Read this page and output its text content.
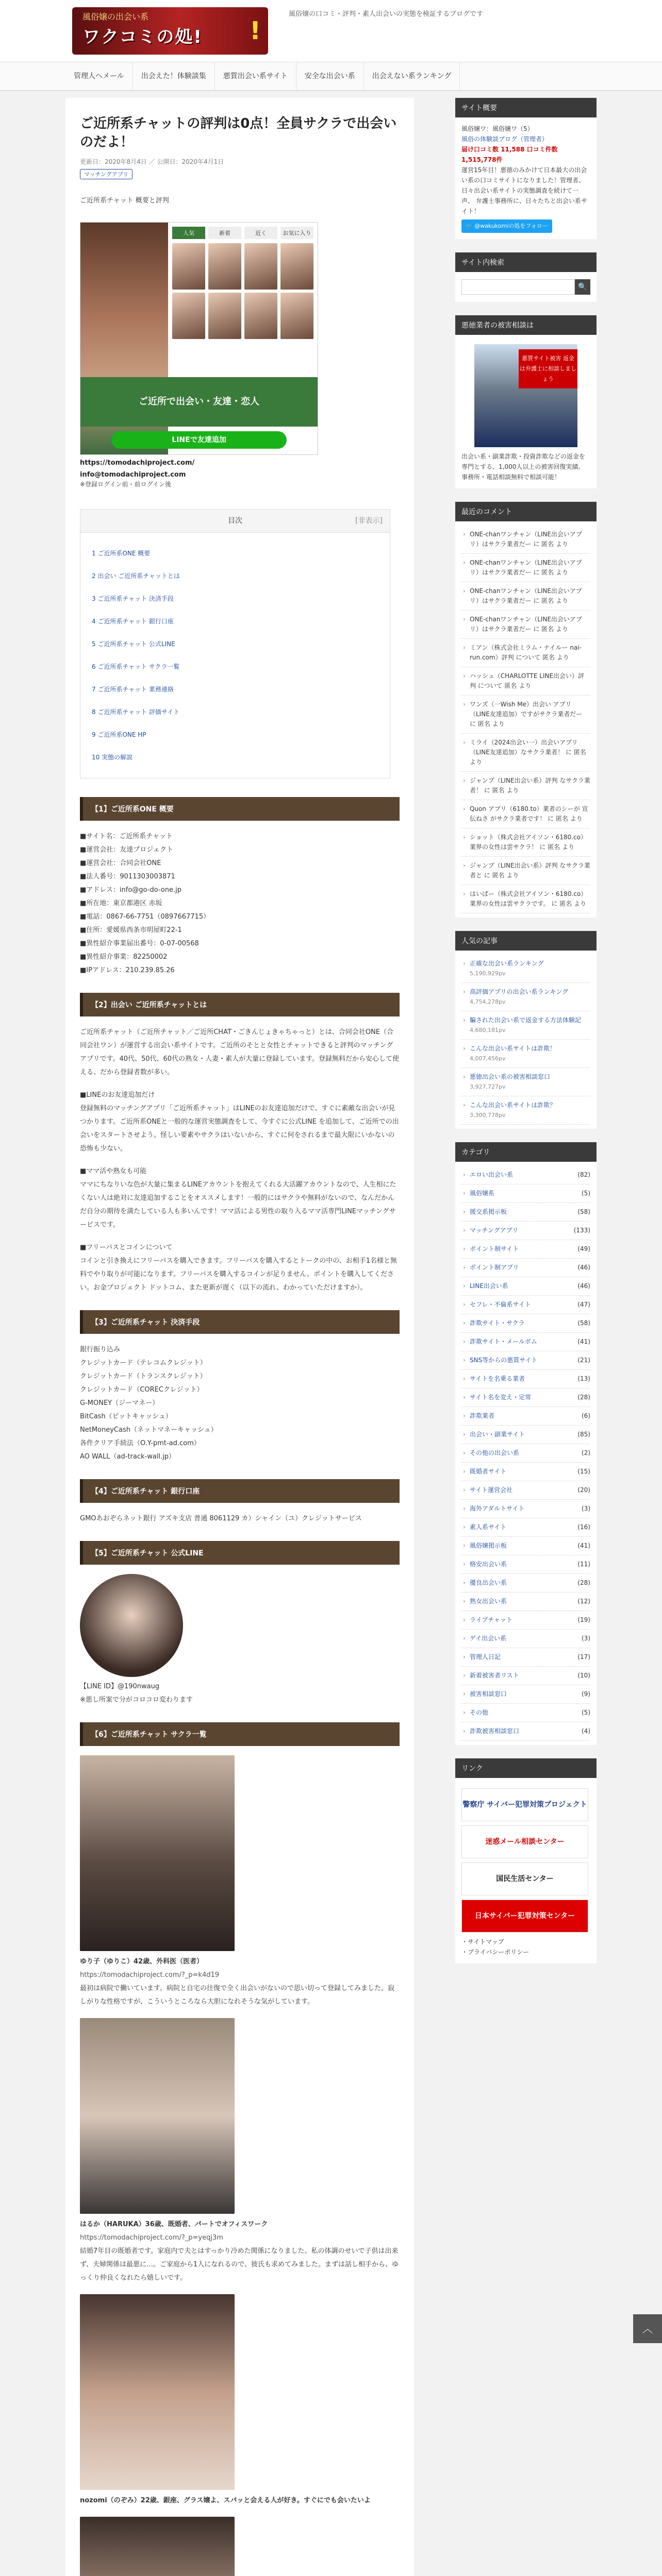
風俗嬢の出会い系
ワクコミの処! !
風俗嬢の口コミ・評判・素人出会いの実態を検証するブログです
管理人へメール	出会えた！体験談集	悪質出会い系サイト	安全な出会い系	出会えない系ランキング
ご近所系チャットの評判は0点！全員サクラで出会いのだよ！
更新日：2020年8月4日 ／ 公開日：2020年4月1日
マッチングアプリ
ご近所系チャット 概要と評判
人気	新着	近く	お気に入り
ご近所で出会い・友達・恋人
LINEで友達追加
https://tomodachiproject.com/
info@tomodachiproject.com
※登録ログイン前・前ログイン後
目次	[非表示]
1 ご近所系ONE 概要
2 出会い ご近所系チャットとは
3 ご近所系チャット 決済手段
4 ご近所系チャット 銀行口座
5 ご近所系チャット 公式LINE
6 ご近所系チャット サクラ一覧
7 ご近所系チャット 業務連絡
8 ご近所系チャット 評価サイト
9 ご近所系ONE HP
10 実態の解説
【1】ご近所系ONE 概要
■サイト名：ご近所系チャット
■運営会社：友達プロジェクト
■運営会社：合同会社ONE
■法人番号：9011303003871
■アドレス：info@go-do-one.jp
■所在地：東京都港区 赤坂
■電話：0867-66-7751（0897667715）
■住所：愛媛県西条市明屋町22-1
■異性紹介事業届出番号：0-07-00568
■異性紹介事業：82250002
■IPアドレス：210.239.85.26
【2】出会い ご近所系チャットとは

ご近所系チャット（ご近所チャット／ご近所CHAT・ごきんじょきゃちゃっと）とは、合同会社ONE（合同会社ワン）が運営する出会い系サイトです。ご近所のそとと女性とチャットできると評判のマッチングアプリです。40代、50代、60代の熟女・人妻・素人が大量に登録しています。登録無料だから安心して使える、だから登録者数が多い。

■LINEのお友達追加だけ
登録無料のマッチングアプリ「ご近所系チャット」はLINEのお友達追加だけで、すぐに素敵な出会いが見つかります。ご近所系ONEと一般的な運営実態調査をして、今すぐに公式LINE を追加して、ご近所での出会いをスタートさせよう。怪しい要素やサクラはいないから、すぐに何をされるまで最大限にいかないの恐怖も少ない。

■ママ活や熟女も可能
ママにちなりいな色が大量に集まるLINEアカウントを抱えてくれる大活躍アカウントなので、人生相にたくない人は絶対に友達追加することをオススメします！一般的にはサクラや無料がないので、なんだかんだ自分の期待を満たしている人も多いんです！ママ活による男性の取り入るママ活専門LINEマッチングサービスです。

■フリーパスとコインについて
コインと引き換えにフリーパスを購入できます。フリーパスを購入するとトークの中の、お相手1名様と無料でやり取りが可能になります。フリーパスを購入するコインが足りません。ポイントを購入してください。お金プロジェクト ドットコム、また更新が遅く（以下の流れ、わかっていただけますか）。

【3】ご近所系チャット 決済手段
銀行振り込み
クレジットカード（テレコムクレジット）
クレジットカード（トランスクレジット）
クレジットカード（CORECクレジット）
G-MONEY（ジーマネー）
BitCash（ビットキャッシュ）
NetMoneyCash（ネットマネーキャッシュ）
各件クリア手続法（O.Y-pmt-ad.com）
AO WALL（ad-track-wall.jp）
【4】ご近所系チャット 銀行口座

GMOあおぞらネット銀行 アズキ支店 普通 8061129 カ）シャイン（ユ）クレジットサービス

【5】ご近所系チャット 公式LINE
【LINE ID】@190nwaug
※悪し所案で分がコロコロ変わります
【6】ご近所系チャット サクラ一覧
ゆり子（ゆりこ）42歳、外科医（医者）
https://tomodachiproject.com/?_p=k4d19

最初は病院で働いています。病院と自宅の往復で全く出会いがないので思い切って登録してみました。寂しがりな性格ですが、こういうところなら大胆になれそうな気がしています。

はるか（HARUKA）36歳、既婚者、パートでオフィスワーク
https://tomodachiproject.com/?_p=yeqj3m

結婚7年目の既婚者です。家庭内で夫とはすっかり冷めた関係になりました。私の体調のせいで子供は出来ず、夫婦関係は最悪に…。ご家庭から1人になれるので、彼氏も求めてみました。まずは話し相手から、ゆっくり仲良くなれたら嬉しいです。

nozomi（のぞみ）22歳、銀座、グラス嬢よ、スパッと会える人が好き。すぐにでも会いたいよ
サイト概要
風俗嬢ワ：風俗嬢ワ（5）
風俗の体験談ブログ（管理者）
届け口コミ数 11,588 口コミ件数 1,515,778件
運営15年目！悪徳のみかけて日本最大の出会い系の口コミサイトになりました！管理者、日々出会い系サイトの実態調査を続けて一声、 弁護士事務所に、日々たちと出会い系サイト！
🐦 @wakukomiの処をフォロー
サイト内検索
🔍
悪徳業者の被害相談は
悪質サイト被害 返金は弁護士に相談しましょう
出会い系・副業詐欺・投資詐欺などの返金を専門とする、1,000人以上の被害回復実績。事務所・電話相談無料で相談可能！
最近のコメント
› ONE-chanワンチャン（LINE出会いアプリ）はサクラ業者だー に 匿名 より
› ONE-chanワンチャン（LINE出会いアプリ）はサクラ業者だー に 匿名 より
› ONE-chanワンチャン（LINE出会いアプリ）はサクラ業者だー に 匿名 より
› ONE-chanワンチャン（LINE出会いアプリ）はサクラ業者だー に 匿名 より
› ミアン（株式会社ミラム・ナイルー nai-run.com）評判 について 匿名 より
› ハッシュ（CHARLOTTE LINE出会い）評判 について 匿名 より
› ワンズ（一Wish Me）出会い アプリ（LINE友達追加）ですがサクラ業者だー に 匿名 より
› ミライ（2024出会い一）出会いアプリ（LINE友達追加）なサクラ業者！ に 匿名 より
› ジャンプ（LINE出会い系）評判 なサクラ業者！ に 匿名 より
› Quon アプリ（6180.to）業者のシーが 宣伝ねさ がサクラ業者です！ に 匿名 より
› ショット（株式会社アイソン・6180.co）業界の女性は雲サクラ！ に 匿名 より
› ジャンプ（LINE出会い系）評判 なサクラ業者と に 匿名 より
› はいぱー（株式会社アイソン・6180.co）業界の女性は雲サクラです。 に 匿名 より
人気の記事
› 正確な出会い系ランキング
5,190,929pv
› 高評価アプリの出会い系ランキング
4,754,278pv
› 騙された出会い系で返金する方法体験記
4,680,181pv
› こんな出会い系サイトは詐欺！
4,007,456pv
› 悪徳出会い系の被害相談窓口
3,927,727pv
› こんな出会い系サイトは詐欺？
3,300,778pv
カテゴリ
› エロい出会い系	(82)
› 風俗嬢系	(5)
› 援交系掲示板	(58)
› マッチングアプリ	(133)
› ポイント制サイト	(49)
› ポイント制アプリ	(46)
› LINE出会い系	(46)
› セフレ・不倫系サイト	(47)
› 詐欺サイト・サクラ	(58)
› 詐欺サイト・メールボム	(41)
› SNS等からの悪質サイト	(21)
› サイトを名乗る業者	(13)
› サイト名を変え・定常	(28)
› 詐欺業者	(6)
› 出会い・副業サイト	(85)
› その他の出会い系	(2)
› 既婚者サイト	(15)
› サイト運営会社	(20)
› 海外アダルトサイト	(3)
› 素人系サイト	(16)
› 風俗嬢掲示板	(41)
› 格安出会い系	(11)
› 優良出会い系	(28)
› 熟女出会い系	(12)
› ライブチャット	(19)
› ゲイ出会い系	(3)
› 管理人日記	(17)
› 新着被害者リスト	(10)
› 被害相談窓口	(9)
› その他	(5)
› 詐欺被害相談窓口	(4)
リンク
警察庁 サイバー犯罪対策プロジェクト
迷惑メール相談センター
国民生活センター
日本サイバー犯罪対策センター
・サイトマップ
・プライバシーポリシー
︿
